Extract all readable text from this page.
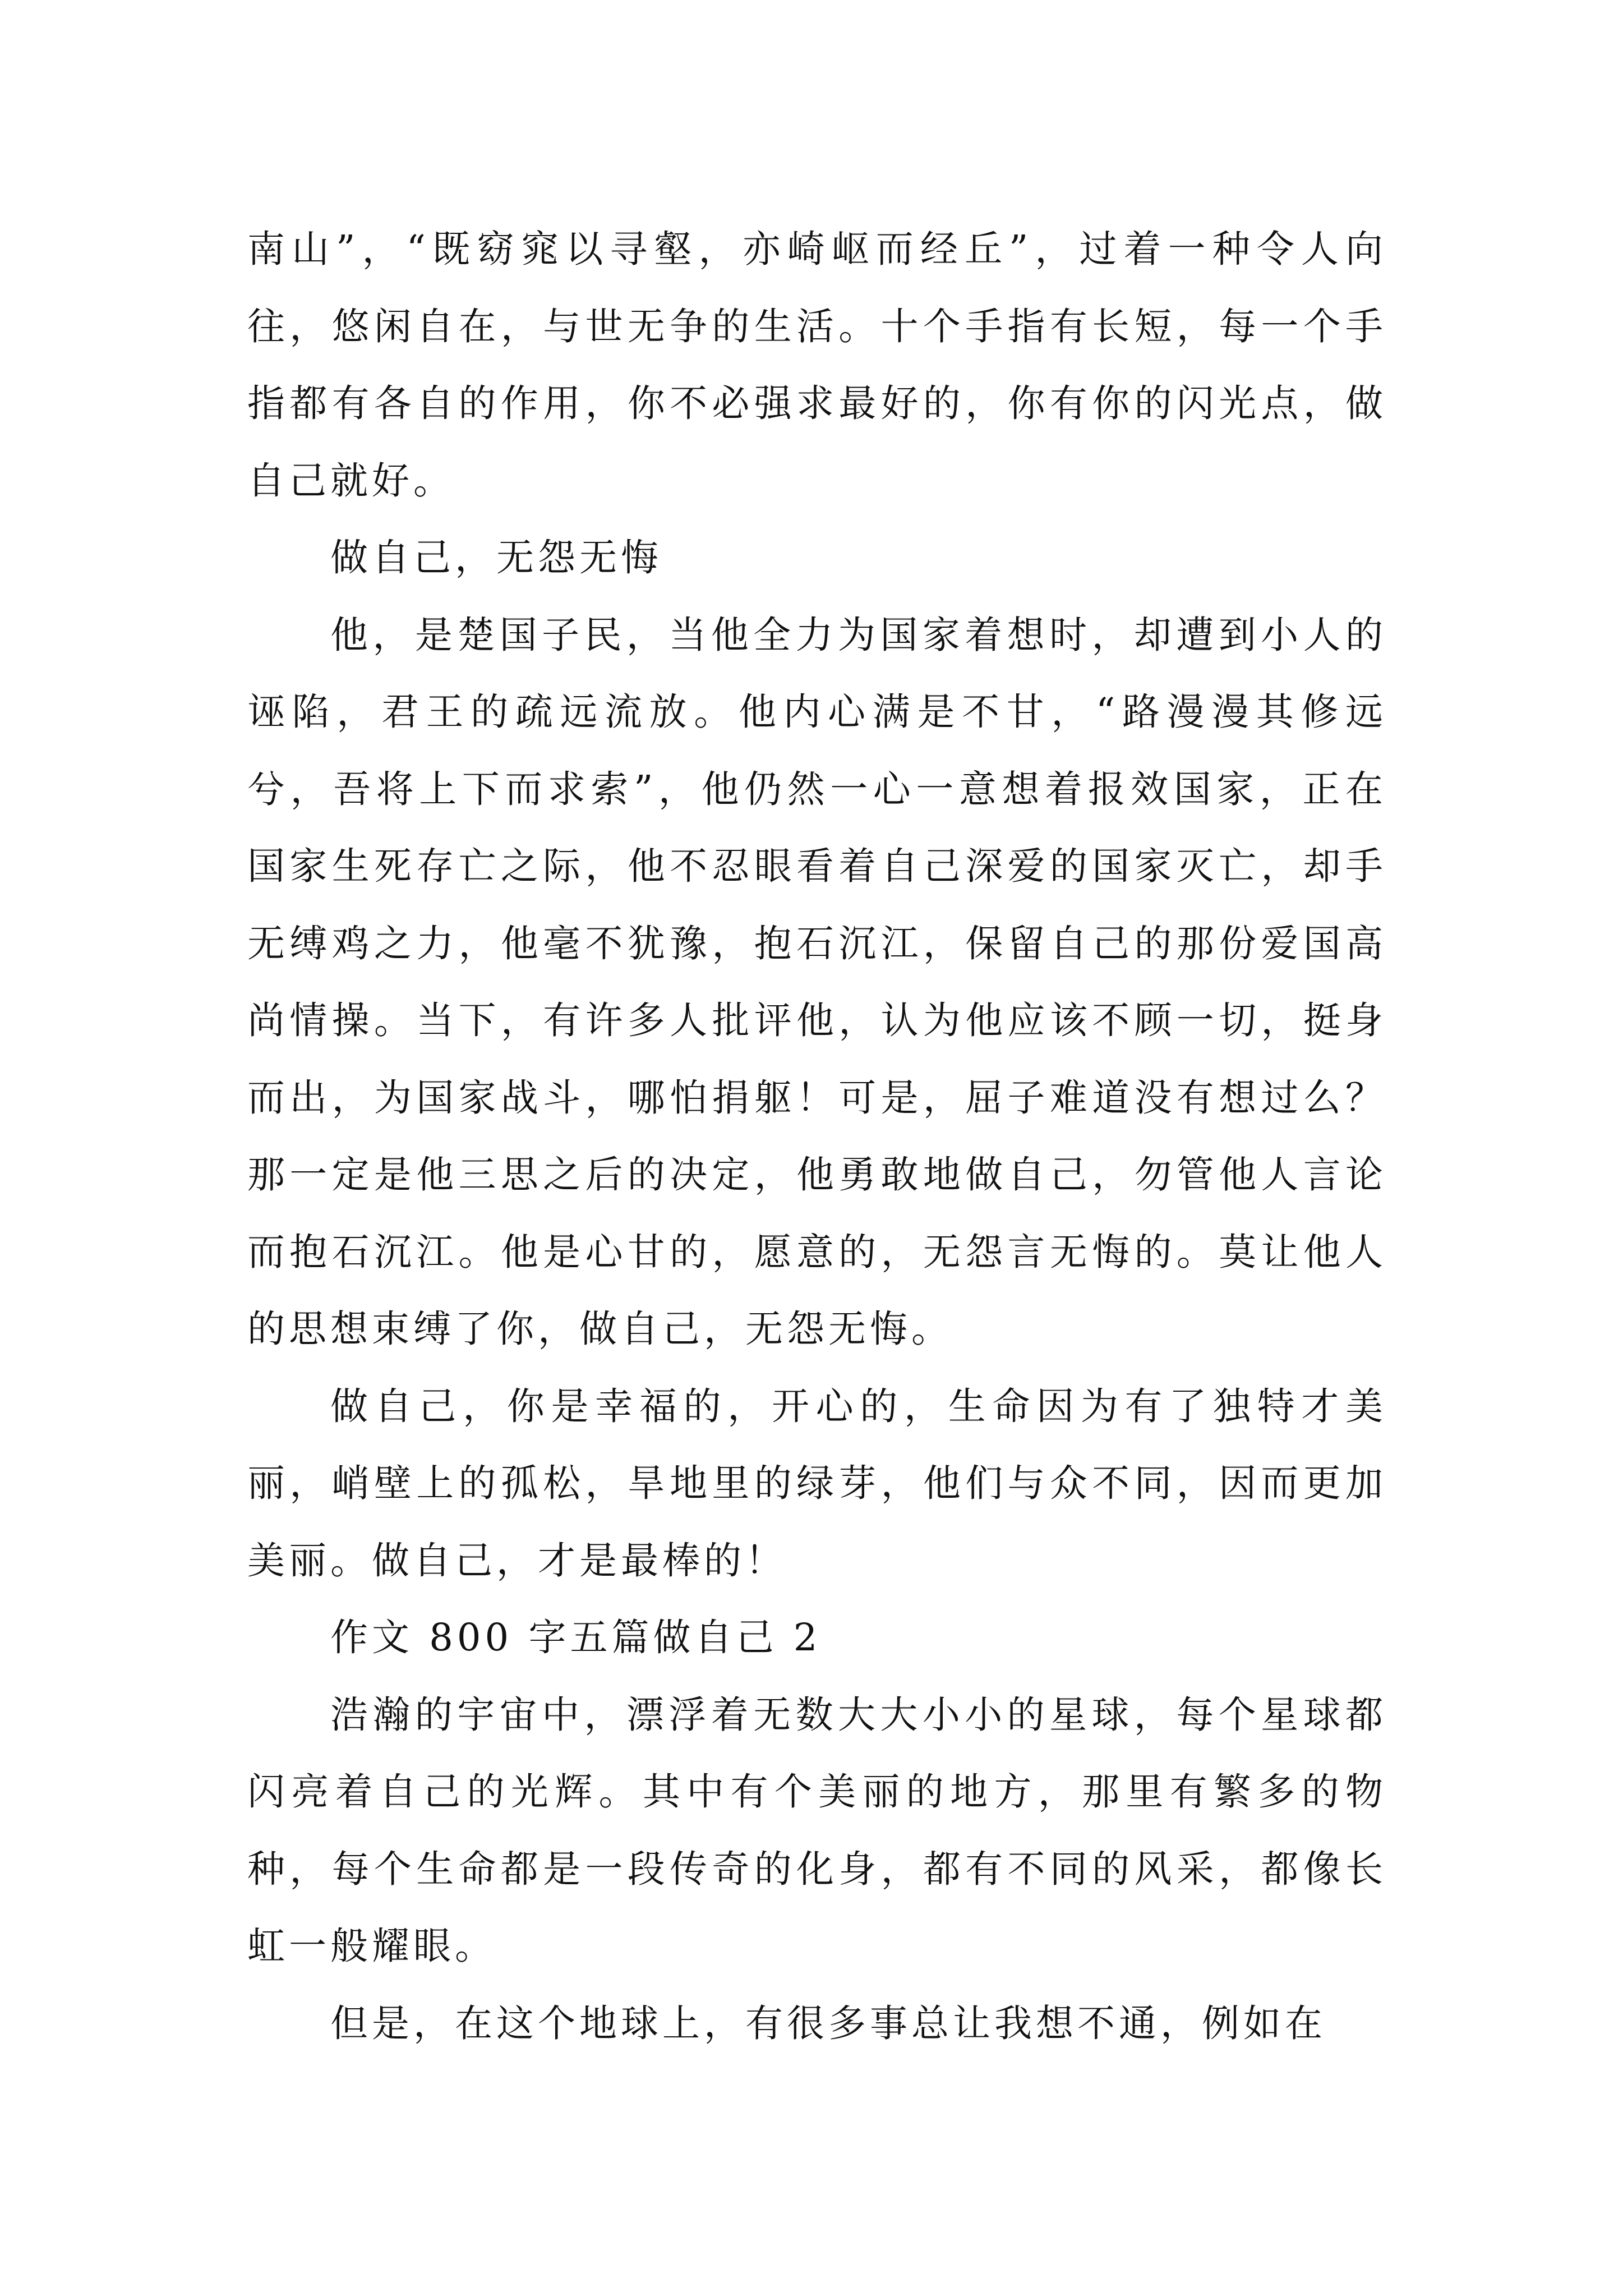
南山”，“既窈窕以寻壑，亦崎岖而经丘”，过着一种令人向往，悠闲自在，与世无争的生活。十个手指有长短，每一个手指都有各自的作用，你不必强求最好的，你有你的闪光点，做自己就好。

做自己，无怨无悔

他，是楚国子民，当他全力为国家着想时，却遭到小人的诬陷，君王的疏远流放。他内心满是不甘，“路漫漫其修远兮，吾将上下而求索”，他仍然一心一意想着报效国家，正在国家生死存亡之际，他不忍眼看着自己深爱的国家灭亡，却手无缚鸡之力，他毫不犹豫，抱石沉江，保留自己的那份爱国高尚情操。当下，有许多人批评他，认为他应该不顾一切，挺身而出，为国家战斗，哪怕捐躯！可是，屈子难道没有想过么？那一定是他三思之后的决定，他勇敢地做自己，勿管他人言论而抱石沉江。他是心甘的，愿意的，无怨言无悔的。莫让他人的思想束缚了你，做自己，无怨无悔。

做自己，你是幸福的，开心的，生命因为有了独特才美丽，峭壁上的孤松，旱地里的绿芽，他们与众不同，因而更加美丽。做自己，才是最棒的！

作文 800 字五篇做自己 2

浩瀚的宇宙中，漂浮着无数大大小小的星球，每个星球都闪亮着自己的光辉。其中有个美丽的地方，那里有繁多的物种，每个生命都是一段传奇的化身，都有不同的风采，都像长虹一般耀眼。

但是，在这个地球上，有很多事总让我想不通，例如在
